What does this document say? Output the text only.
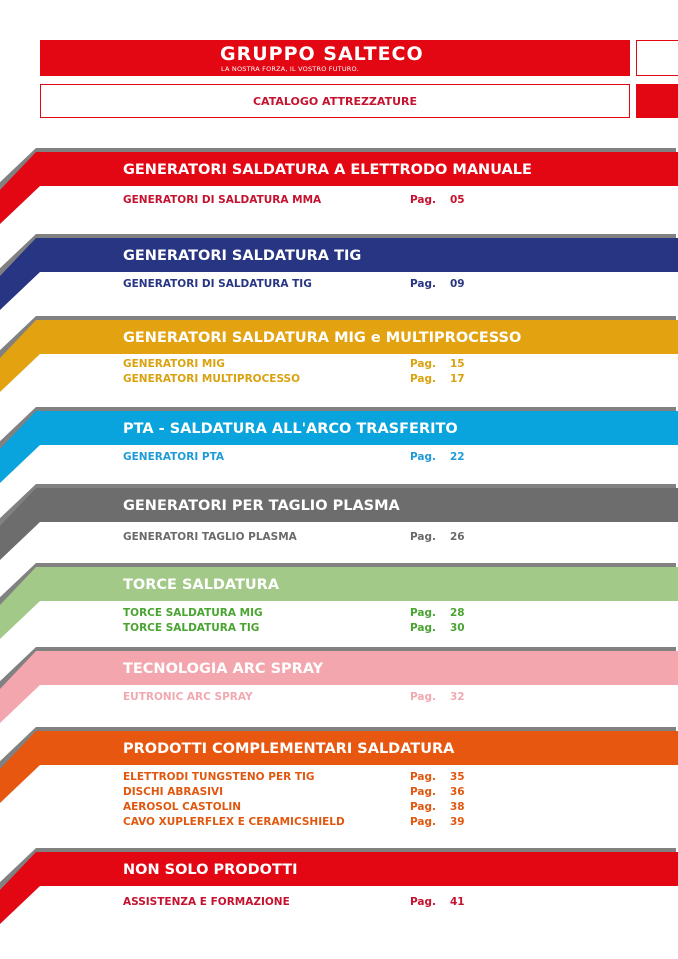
GRUPPO SALTECO
LA NOSTRA FORZA, IL VOSTRO FUTURO.
CATALOGO ATTREZZATURE
GENERATORI SALDATURA A ELETTRODO MANUALE
GENERATORI DI SALDATURA MMA	Pag. 05
GENERATORI SALDATURA TIG
GENERATORI DI SALDATURA TIG	Pag. 09
GENERATORI SALDATURA MIG e MULTIPROCESSO
GENERATORI MIG	Pag. 15
GENERATORI MULTIPROCESSO	Pag. 17
PTA - SALDATURA ALL'ARCO TRASFERITO
GENERATORI PTA	Pag. 22
GENERATORI PER TAGLIO PLASMA
GENERATORI TAGLIO PLASMA	Pag. 26
TORCE SALDATURA
TORCE SALDATURA MIG	Pag. 28
TORCE SALDATURA TIG	Pag. 30
TECNOLOGIA ARC SPRAY
EUTRONIC ARC SPRAY	Pag. 32
PRODOTTI COMPLEMENTARI SALDATURA
ELETTRODI TUNGSTENO PER TIG	Pag. 35
DISCHI ABRASIVI	Pag. 36
AEROSOL CASTOLIN	Pag. 38
CAVO XUPLERFLEX E CERAMICSHIELD	Pag. 39
NON SOLO PRODOTTI
ASSISTENZA E FORMAZIONE	Pag. 41
